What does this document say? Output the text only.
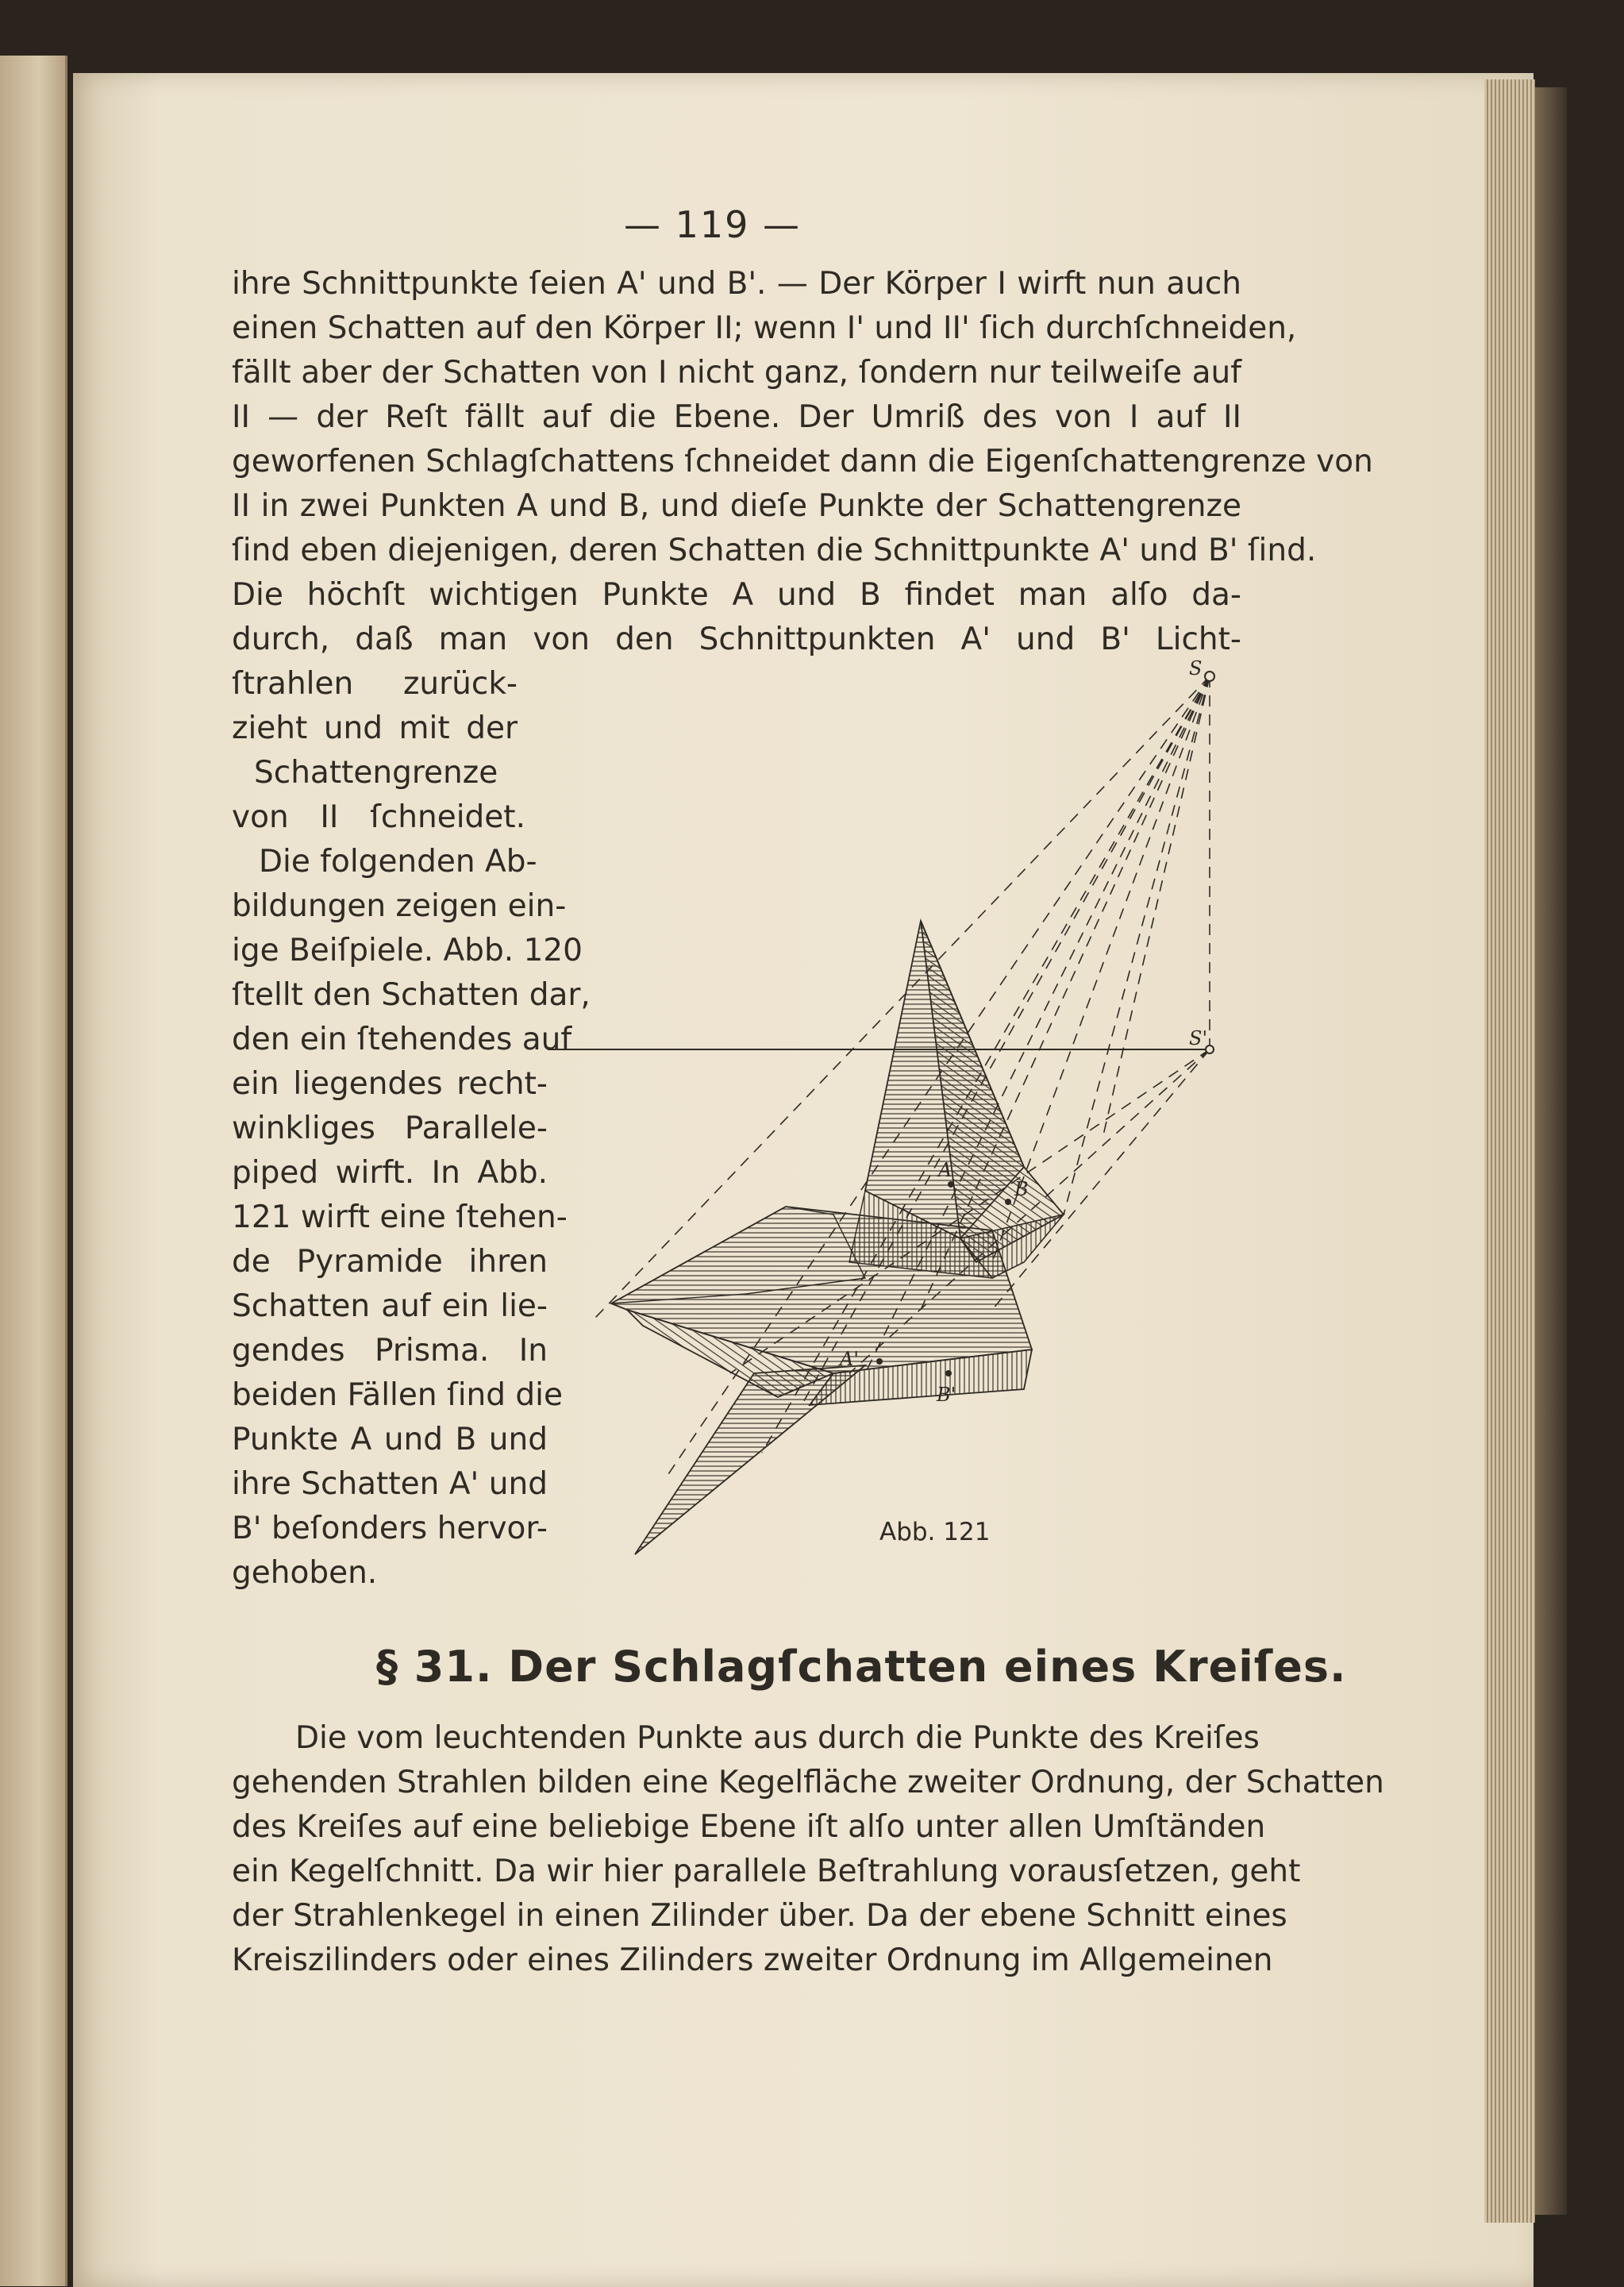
— 119 —
ihre Schnittpunkte ſeien A' und B'. — Der Körper I wirft nun auch
einen Schatten auf den Körper II; wenn I' und II' ſich durchſchneiden,
fällt aber der Schatten von I nicht ganz, ſondern nur teilweiſe auf
II — der Reſt fällt auf die Ebene. Der Umriß des von I auf II
geworfenen Schlagſchattens ſchneidet dann die Eigenſchattengrenze von
II in zwei Punkten A und B, und dieſe Punkte der Schattengrenze
ſind eben diejenigen, deren Schatten die Schnittpunkte A' und B' ſind.
Die höchſt wichtigen Punkte A und B findet man alſo da-
durch, daß man von den Schnittpunkten A' und B' Licht-
ſtrahlen zurück-
zieht und mit der
Schattengrenze
von II ſchneidet.
Die folgenden Ab-
bildungen zeigen ein-
ige Beiſpiele. Abb. 120
ſtellt den Schatten dar,
den ein ſtehendes auf
ein liegendes recht-
winkliges Parallele-
piped wirft. In Abb.
121 wirft eine ſtehen-
de Pyramide ihren
Schatten auf ein lie-
gendes Prisma. In
beiden Fällen ſind die
Punkte A und B und
ihre Schatten A' und
B' beſonders hervor-
gehoben.
S
S'
A
B
A'
B'
Abb. 121
§ 31. Der Schlagſchatten eines Kreiſes.
Die vom leuchtenden Punkte aus durch die Punkte des Kreiſes
gehenden Strahlen bilden eine Kegelfläche zweiter Ordnung, der Schatten
des Kreiſes auf eine beliebige Ebene iſt alſo unter allen Umſtänden
ein Kegelſchnitt. Da wir hier parallele Beſtrahlung vorausſetzen, geht
der Strahlenkegel in einen Zilinder über. Da der ebene Schnitt eines
Kreiszilinders oder eines Zilinders zweiter Ordnung im Allgemeinen
